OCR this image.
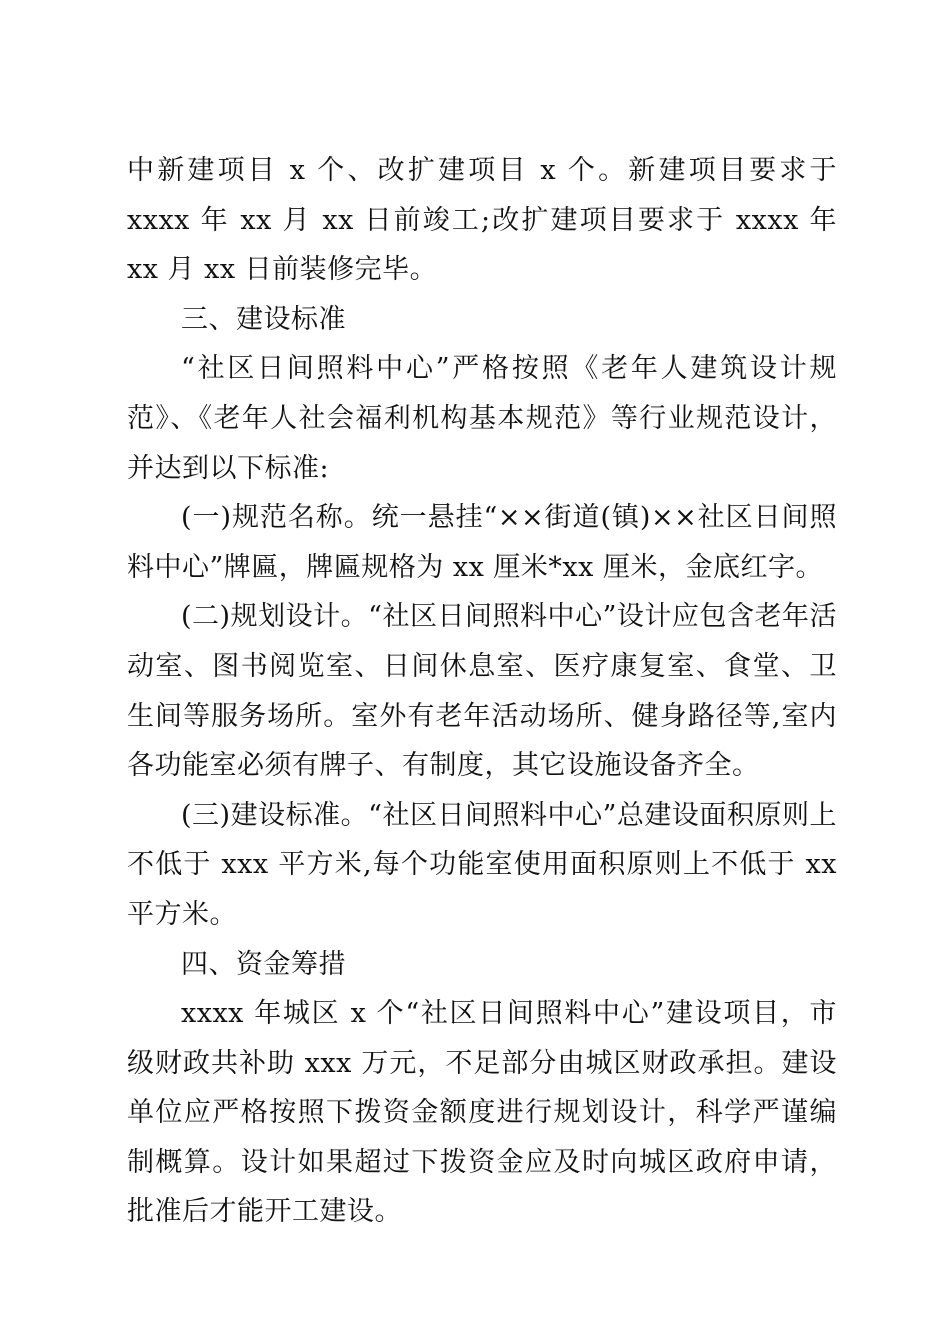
中新建项目 x 个、改扩建项目 x 个。新建项目要求于 xxxx 年 xx 月 xx 日前竣工;改扩建项目要求于 xxxx 年 xx 月 xx 日前装修完毕。

三、建设标准

“社区日间照料中心”严格按照《老年人建筑设计规范》、《老年人社会福利机构基本规范》等行业规范设计，并达到以下标准:

(一)规范名称。统一悬挂“××街道(镇)××社区日间照料中心”牌匾，牌匾规格为 xx 厘米*xx 厘米，金底红字。

(二)规划设计。“社区日间照料中心”设计应包含老年活动室、图书阅览室、日间休息室、医疗康复室、食堂、卫生间等服务场所。室外有老年活动场所、健身路径等,室内各功能室必须有牌子、有制度，其它设施设备齐全。

(三)建设标准。“社区日间照料中心”总建设面积原则上不低于 xxx 平方米,每个功能室使用面积原则上不低于 xx 平方米。

四、资金筹措

xxxx 年城区 x 个“社区日间照料中心”建设项目，市级财政共补助 xxx 万元，不足部分由城区财政承担。建设单位应严格按照下拨资金额度进行规划设计，科学严谨编制概算。设计如果超过下拨资金应及时向城区政府申请，批准后才能开工建设。
